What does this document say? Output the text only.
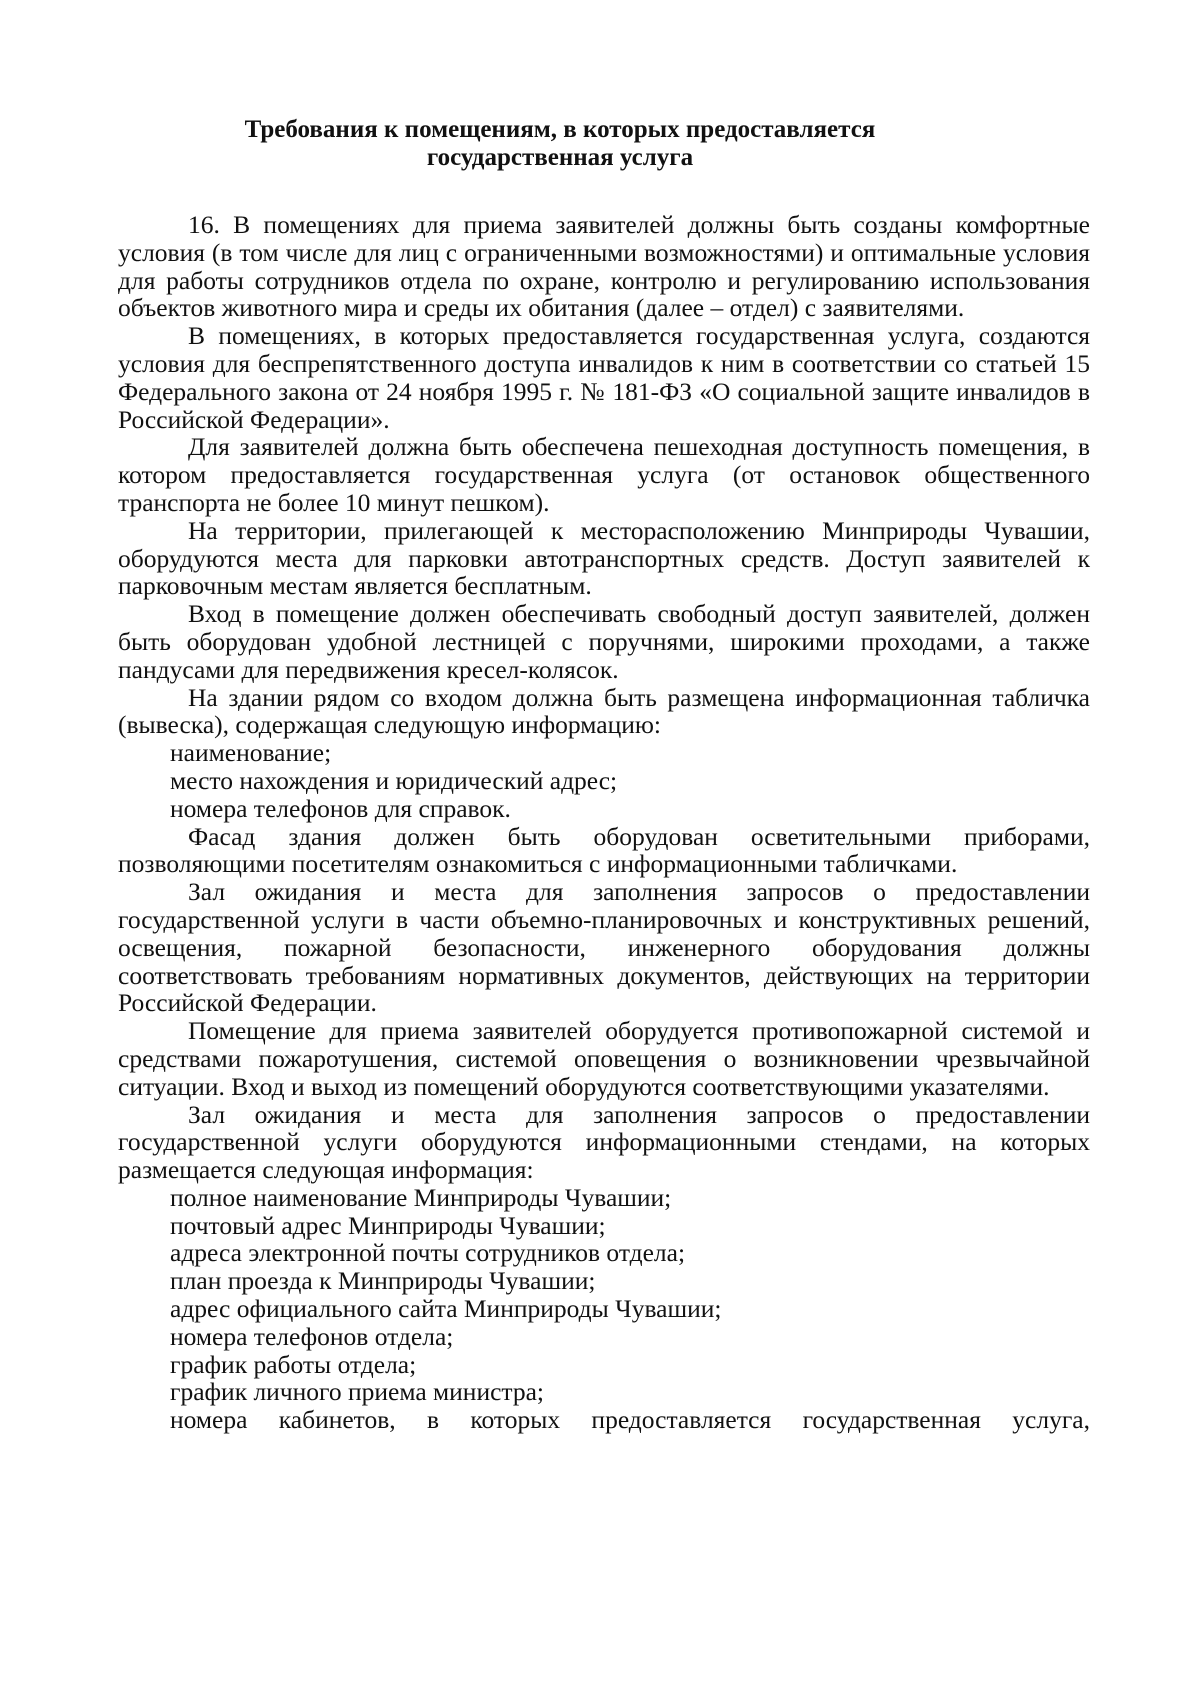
Требования к помещениям, в которых предоставляется
государственная услуга

16. В помещениях для приема заявителей должны быть созданы комфортные условия (в том числе для лиц с ограниченными возможностями) и оптимальные условия для работы сотрудников отдела по охране, контролю и регулированию использования объектов животного мира и среды их обитания (далее – отдел) с заявителями.

В помещениях, в которых предоставляется государственная услуга, создаются условия для беспрепятственного доступа инвалидов к ним в соответствии со статьей 15 Федерального закона от 24 ноября 1995 г. № 181-ФЗ «О социальной защите инвалидов в Российской Федерации».

Для заявителей должна быть обеспечена пешеходная доступность помещения, в котором предоставляется государственная услуга (от остановок общественного транспорта не более 10 минут пешком).

На территории, прилегающей к месторасположению Минприроды Чувашии, оборудуются места для парковки автотранспортных средств. Доступ заявителей к парковочным местам является бесплатным.

Вход в помещение должен обеспечивать свободный доступ заявителей, должен быть оборудован удобной лестницей с поручнями, широкими проходами, а также пандусами для передвижения кресел-колясок.

На здании рядом со входом должна быть размещена информационная табличка (вывеска), содержащая следующую информацию:

наименование;

место нахождения и юридический адрес;

номера телефонов для справок.

Фасад здания должен быть оборудован осветительными приборами, позволяющими посетителям ознакомиться с информационными табличками.

Зал ожидания и места для заполнения запросов о предоставлении государственной услуги в части объемно-планировочных и конструктивных решений, освещения, пожарной безопасности, инженерного оборудования должны соответствовать требованиям нормативных документов, действующих на территории Российской Федерации.

Помещение для приема заявителей оборудуется противопожарной системой и средствами пожаротушения, системой оповещения о возникновении чрезвычайной ситуации. Вход и выход из помещений оборудуются соответствующими указателями.

Зал ожидания и места для заполнения запросов о предоставлении государственной услуги оборудуются информационными стендами, на которых размещается следующая информация:

полное наименование Минприроды Чувашии;

почтовый адрес Минприроды Чувашии;

адреса электронной почты сотрудников отдела;

план проезда к Минприроды Чувашии;

адрес официального сайта Минприроды Чувашии;

номера телефонов отдела;

график работы отдела;

график личного приема министра;

номера кабинетов, в которых предоставляется государственная услуга,
